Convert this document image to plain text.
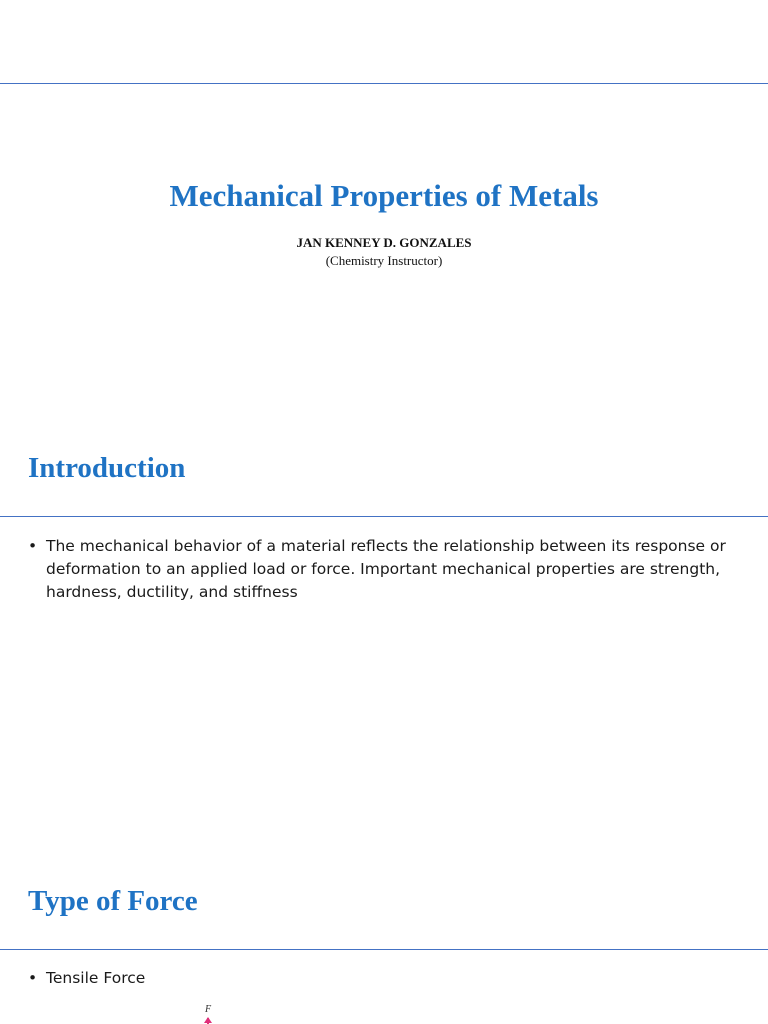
Mechanical Properties of Metals
JAN KENNEY D. GONZALES
(Chemistry Instructor)
Introduction
• The mechanical behavior of a material reflects the relationship between its response or deformation to an applied load or force. Important mechanical properties are strength, hardness, ductility, and stiffness
Type of Force
• Tensile Force
F
